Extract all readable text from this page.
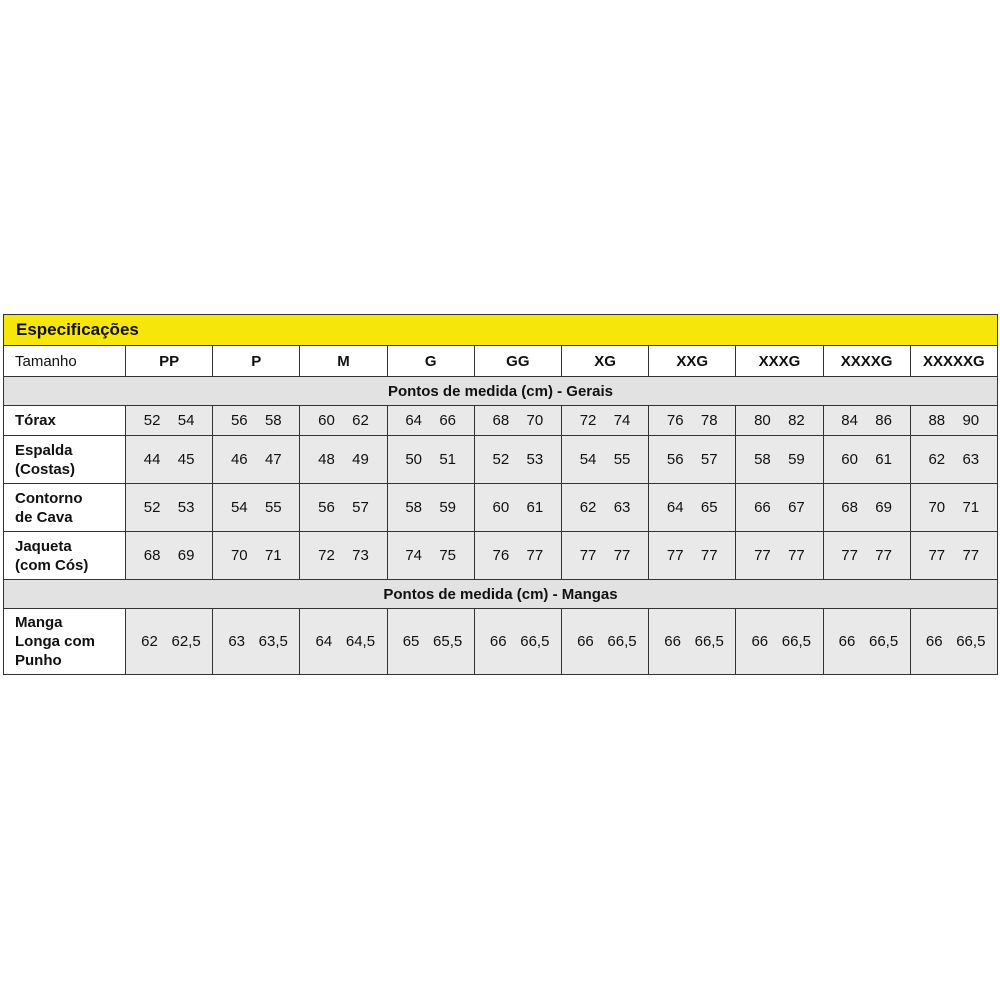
Especificações										
Tamanho	PP	P	M	G	GG	XG	XXG	XXXG	XXXXG	XXXXXG
Pontos de medida (cm) - Gerais										

Tórax	52 54	56 58	60 62	64 66	68 70	72 74	76 78	80 82	84 86	88 90

Espalda
(Costas)	44 45	46 47	48 49	50 51	52 53	54 55	56 57	58 59	60 61	62 63

Contorno
de Cava	52 53	54 55	56 57	58 59	60 61	62 63	64 65	66 67	68 69	70 71

Jaqueta
(com Cós)	68 69	70 71	72 73	74 75	76 77	77 77	77 77	77 77	77 77	77 77
Pontos de medida (cm) - Mangas										

Manga
Longa com
Punho	62 62,5	63 63,5	64 64,5	65 65,5	66 66,5	66 66,5	66 66,5	66 66,5	66 66,5	66 66,5
